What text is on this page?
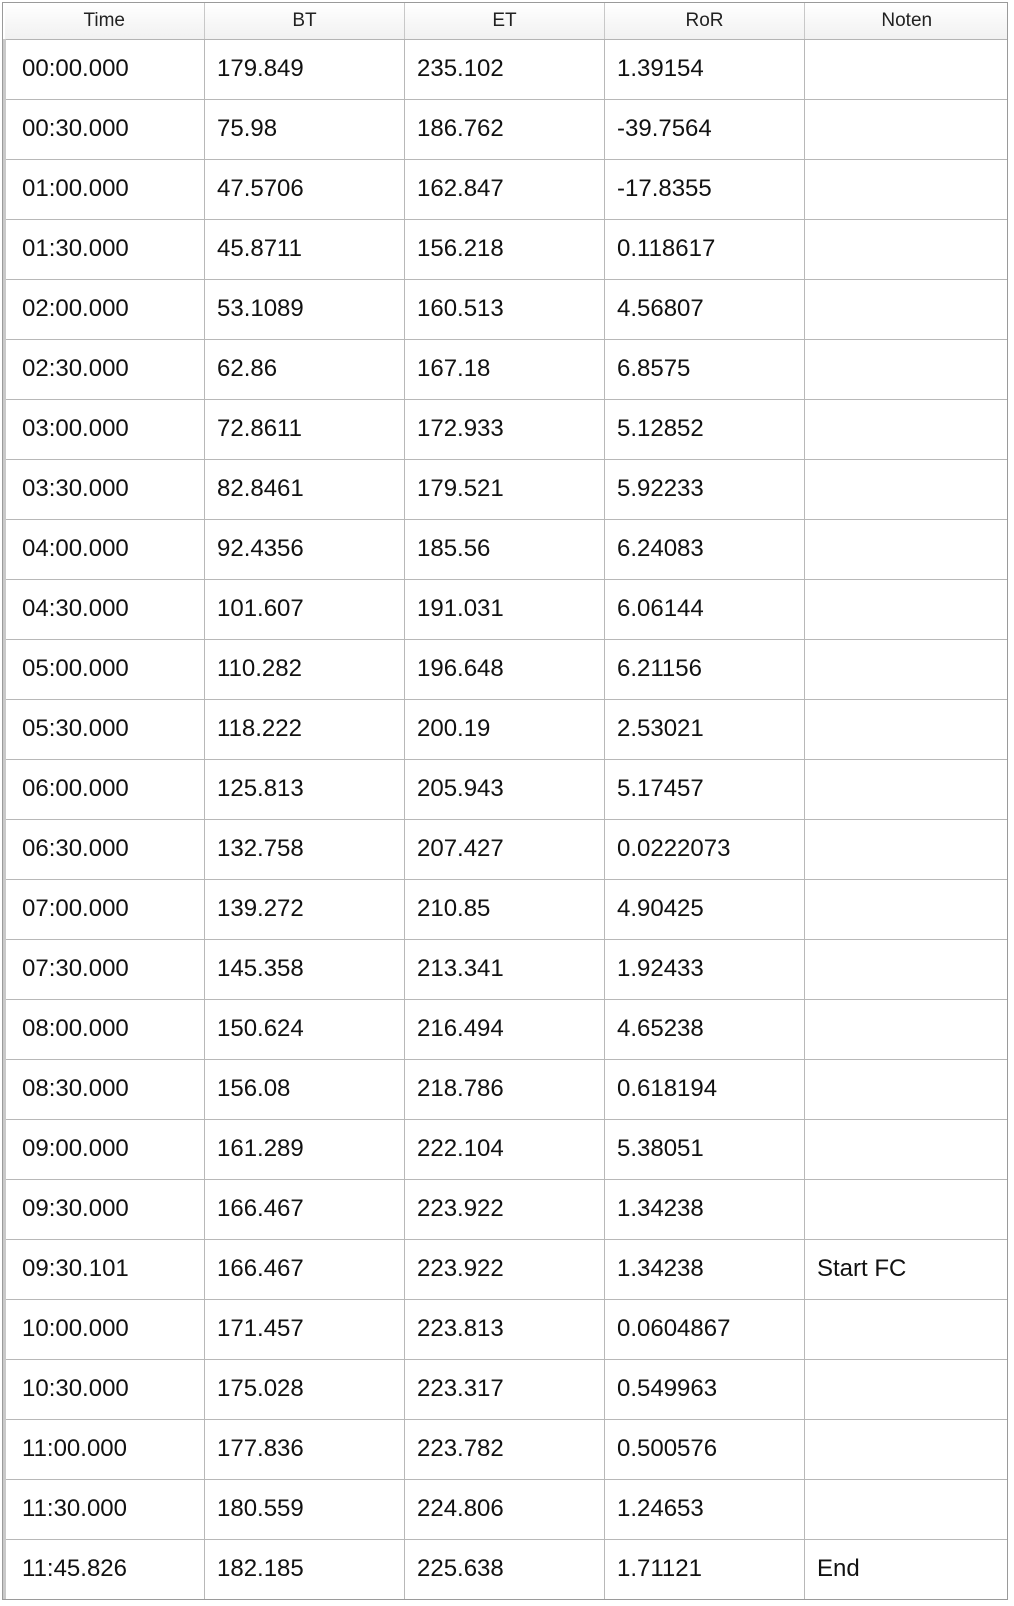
Time	BT	ET	RoR	Noten
00:00.000	179.849	235.102	1.39154	
00:30.000	75.98	186.762	-39.7564	
01:00.000	47.5706	162.847	-17.8355	
01:30.000	45.8711	156.218	0.118617	
02:00.000	53.1089	160.513	4.56807	
02:30.000	62.86	167.18	6.8575	
03:00.000	72.8611	172.933	5.12852	
03:30.000	82.8461	179.521	5.92233	
04:00.000	92.4356	185.56	6.24083	
04:30.000	101.607	191.031	6.06144	
05:00.000	110.282	196.648	6.21156	
05:30.000	118.222	200.19	2.53021	
06:00.000	125.813	205.943	5.17457	
06:30.000	132.758	207.427	0.0222073	
07:00.000	139.272	210.85	4.90425	
07:30.000	145.358	213.341	1.92433	
08:00.000	150.624	216.494	4.65238	
08:30.000	156.08	218.786	0.618194	
09:00.000	161.289	222.104	5.38051	
09:30.000	166.467	223.922	1.34238	
09:30.101	166.467	223.922	1.34238	Start FC
10:00.000	171.457	223.813	0.0604867	
10:30.000	175.028	223.317	0.549963	
11:00.000	177.836	223.782	0.500576	
11:30.000	180.559	224.806	1.24653	
11:45.826	182.185	225.638	1.71121	End
